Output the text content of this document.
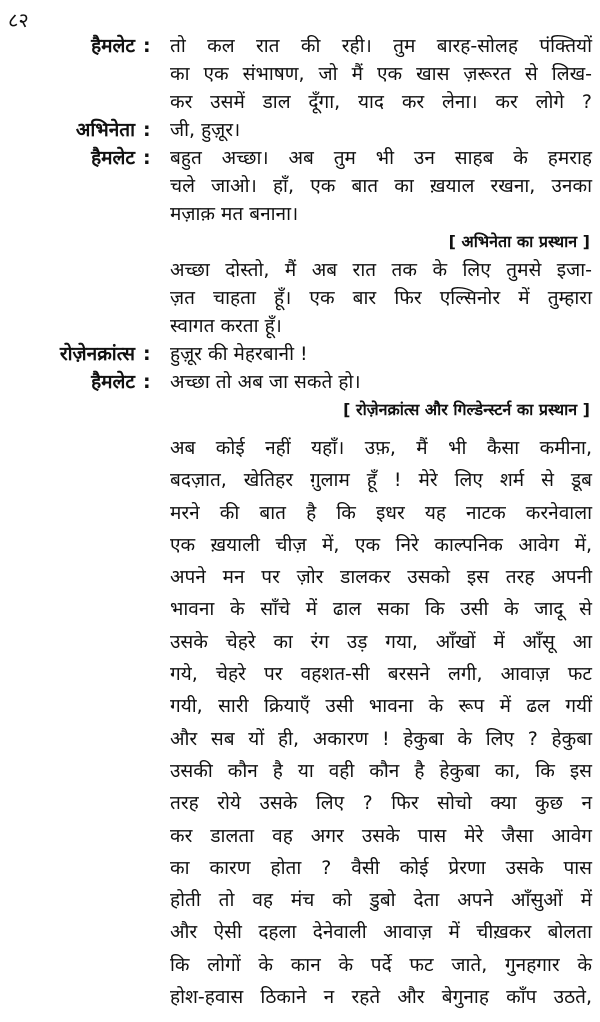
८२
हैमलेट : तो कल रात की रही। तुम बारह-सोलह पंक्तियों
का एक संभाषण, जो मैं एक खास ज़रूरत से लिख-
कर उसमें डाल दूँगा, याद कर लेना। कर लोगे ?
अभिनेता : जी, हुज़ूर।
हैमलेट : बहुत अच्छा। अब तुम भी उन साहब के हमराह
चले जाओ। हाँ, एक बात का ख़याल रखना, उनका
मज़ाक़ मत बनाना।
[ अभिनेता का प्रस्थान ]
अच्छा दोस्तो, मैं अब रात तक के लिए तुमसे इजा-
ज़त चाहता हूँ। एक बार फिर एल्सिनोर में तुम्हारा
स्वागत करता हूँ।
रोज़ेनक्रांत्स : हुज़ूर की मेहरबानी !
हैमलेट : अच्छा तो अब जा सकते हो।
[ रोज़ेनक्रांत्स और गिल्डेन्स्टर्न का प्रस्थान ]
अब कोई नहीं यहाँ। उफ़, मैं भी कैसा कमीना,
बदज़ात, खेतिहर ग़ुलाम हूँ ! मेरे लिए शर्म से डूब
मरने की बात है कि इधर यह नाटक करनेवाला
एक ख़याली चीज़ में, एक निरे काल्पनिक आवेग में,
अपने मन पर ज़ोर डालकर उसको इस तरह अपनी
भावना के साँचे में ढाल सका कि उसी के जादू से
उसके चेहरे का रंग उड़ गया, आँखों में आँसू आ
गये, चेहरे पर वहशत-सी बरसने लगी, आवाज़ फट
गयी, सारी क्रियाएँ उसी भावना के रूप में ढल गयीं
और सब यों ही, अकारण ! हेकुबा के लिए ? हेकुबा
उसकी कौन है या वही कौन है हेकुबा का, कि इस
तरह रोये उसके लिए ? फिर सोचो क्या कुछ न
कर डालता वह अगर उसके पास मेरे जैसा आवेग
का कारण होता ? वैसी कोई प्रेरणा उसके पास
होती तो वह मंच को डुबो देता अपने आँसुओं में
और ऐसी दहला देनेवाली आवाज़ में चीख़कर बोलता
कि लोगों के कान के पर्दे फट जाते, गुनहगार के
होश-हवास ठिकाने न रहते और बेगुनाह काँप उठते,
